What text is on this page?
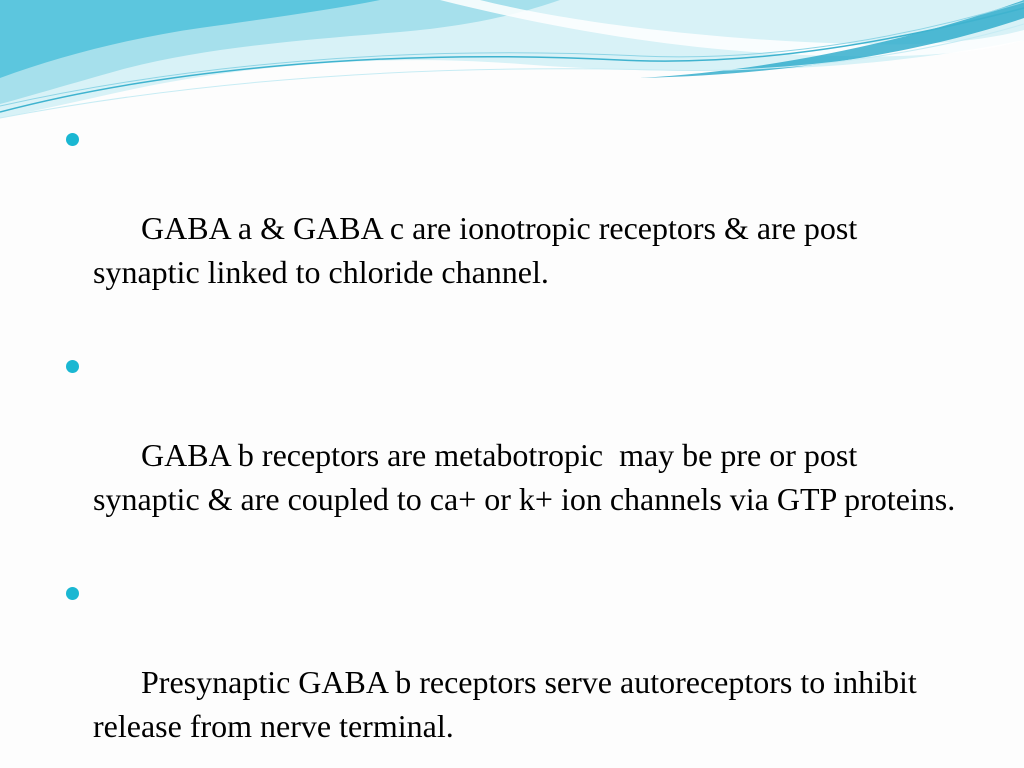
GABA a & GABA c are ionotropic receptors & are post synaptic linked to chloride channel.

GABA b receptors are metabotropic  may be pre or post synaptic & are coupled to ca+ or k+ ion channels via GTP proteins.

Presynaptic GABA b receptors serve autoreceptors to inhibit  release from nerve terminal.
